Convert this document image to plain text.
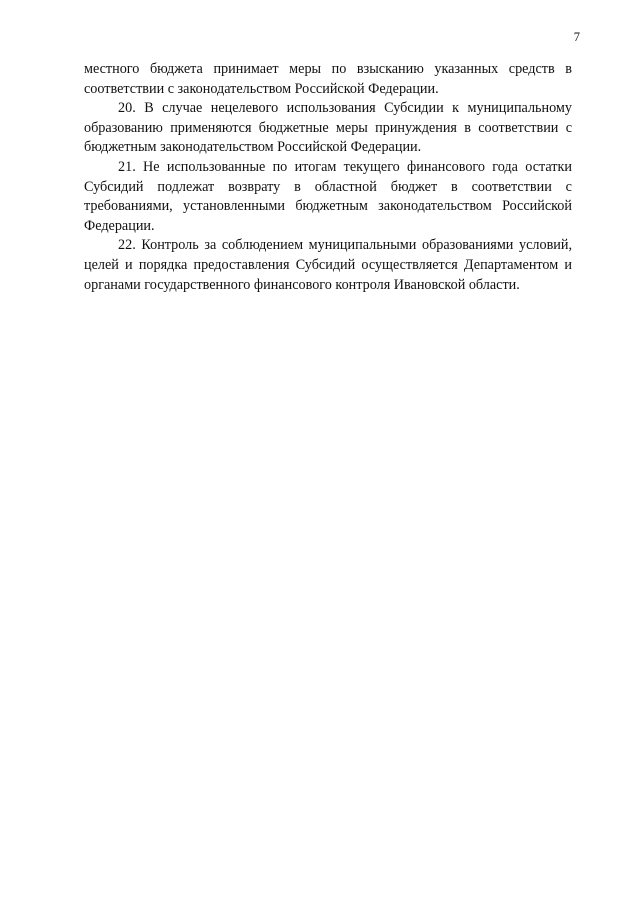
7

местного бюджета принимает меры по взысканию указанных средств в соответствии с законодательством Российской Федерации.

20. В случае нецелевого использования Субсидии к муниципальному образованию применяются бюджетные меры принуждения в соответствии с бюджетным законодательством Российской Федерации.

21. Не использованные по итогам текущего финансового года остатки Субсидий подлежат возврату в областной бюджет в соответствии с требованиями, установленными бюджетным законодательством Российской Федерации.

22. Контроль за соблюдением муниципальными образованиями условий, целей и порядка предоставления Субсидий осуществляется Департаментом и органами государственного финансового контроля Ивановской области.
